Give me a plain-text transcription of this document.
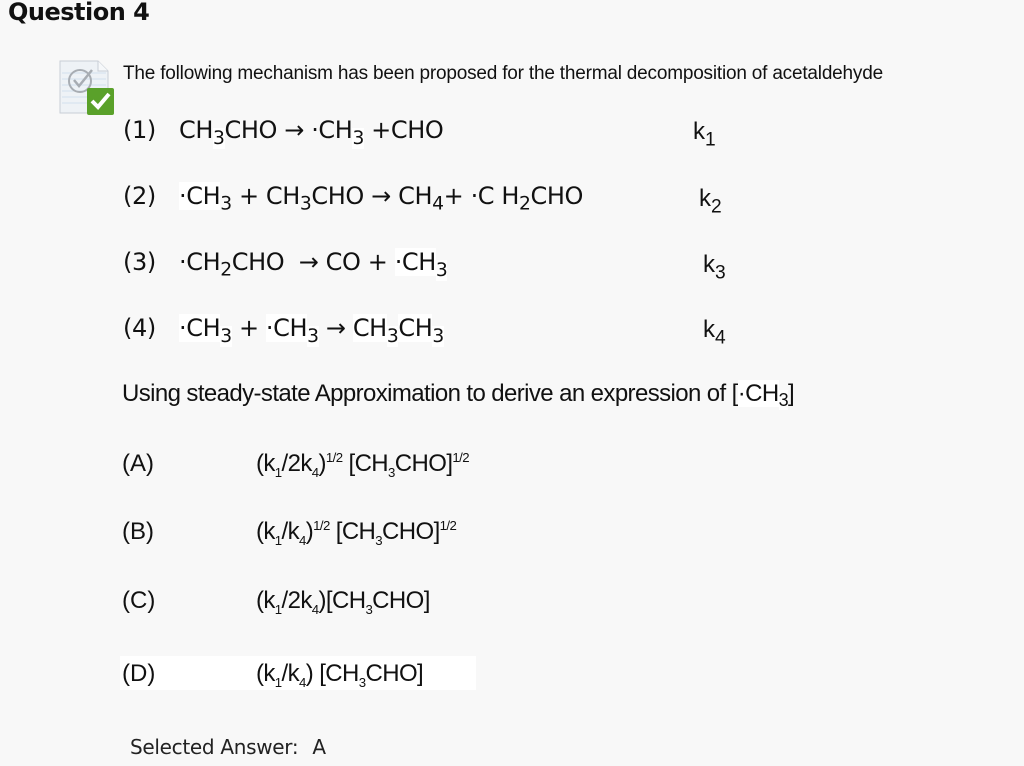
Question 4
The following mechanism has been proposed for the thermal decomposition of acetaldehyde
(1) $CH_3CHO \to \cdot CH_3 +CHO$	$k_1$
$(2) \cdot CH_3 + CH_3CHO \to CH_4+ \cdot C$ $H_2CHO$	$k_2$
$(3) \cdot CH_2CHO$ → CO + $\cdot CH_3$	$k_3$
$(4) \cdot CH_3 + \cdot CH_3 \to CH_3CH_3$	$k_4$
Using steady-state Approximation to derive an expression of $[\cdot CH_3]$
(A)	$(k_1/2k_4)^{1/2}$ $[CH_3CHO]^{1/2}$
(B)	$(k_1/k_4)^{1/2}$ $[CH_3CHO]^{1/2}$
(C)	$(k_1/2k_4)[CH_3CHO]$
(D)	$(k_1/k_4)$ $[CH_3CHO]$
Selected Answer: A
